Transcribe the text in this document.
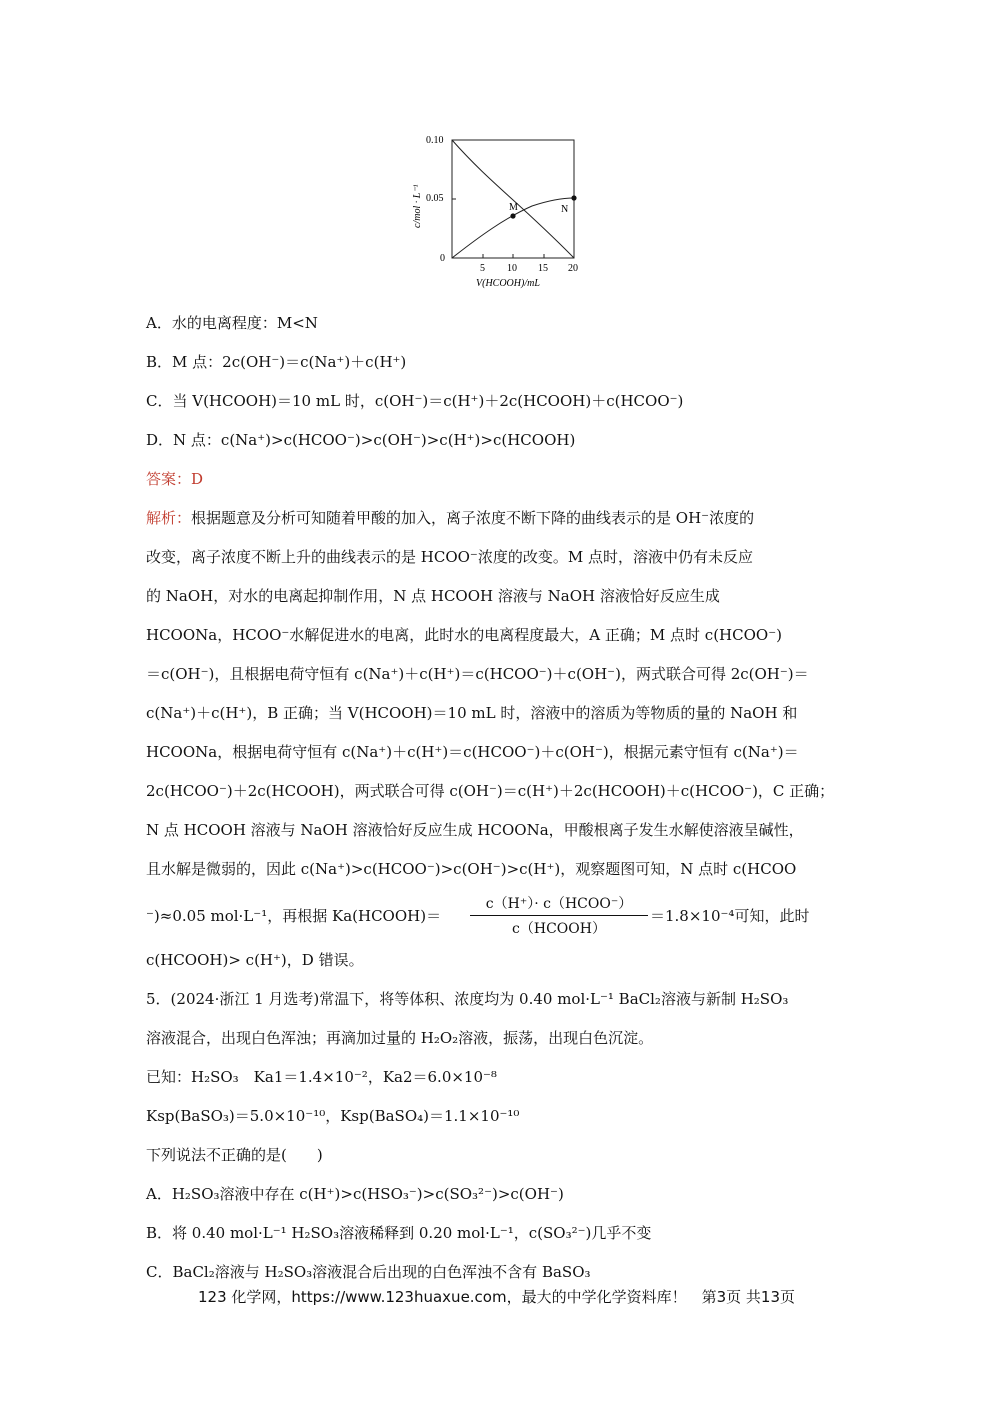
M	N
0.10
0.05
0
5 10 15 20
V(HCOOH)/mL
c/mol · L⁻¹
A．水的电离程度：M<N
B．M 点：2c(OH⁻)＝c(Na⁺)＋c(H⁺)
C．当 V(HCOOH)＝10 mL 时，c(OH⁻)＝c(H⁺)＋2c(HCOOH)＋c(HCOO⁻)
D．N 点：c(Na⁺)>c(HCOO⁻)>c(OH⁻)>c(H⁺)>c(HCOOH)
答案：D
解析：根据题意及分析可知随着甲酸的加入，离子浓度不断下降的曲线表示的是 OH⁻浓度的
改变，离子浓度不断上升的曲线表示的是 HCOO⁻浓度的改变。M 点时，溶液中仍有未反应
的 NaOH，对水的电离起抑制作用，N 点 HCOOH 溶液与 NaOH 溶液恰好反应生成
HCOONa，HCOO⁻水解促进水的电离，此时水的电离程度最大，A 正确；M 点时 c(HCOO⁻)
＝c(OH⁻)，且根据电荷守恒有 c(Na⁺)＋c(H⁺)＝c(HCOO⁻)＋c(OH⁻)，两式联合可得 2c(OH⁻)＝
c(Na⁺)＋c(H⁺)，B 正确；当 V(HCOOH)＝10 mL 时，溶液中的溶质为等物质的量的 NaOH 和
HCOONa，根据电荷守恒有 c(Na⁺)＋c(H⁺)＝c(HCOO⁻)＋c(OH⁻)，根据元素守恒有 c(Na⁺)＝
2c(HCOO⁻)＋2c(HCOOH)，两式联合可得 c(OH⁻)＝c(H⁺)＋2c(HCOOH)＋c(HCOO⁻)，C 正确；
N 点 HCOOH 溶液与 NaOH 溶液恰好反应生成 HCOONa，甲酸根离子发生水解使溶液呈碱性，
且水解是微弱的，因此 c(Na⁺)>c(HCOO⁻)>c(OH⁻)>c(H⁺)，观察题图可知，N 点时 c(HCOO
⁻)≈0.05 mol·L⁻¹，再根据 Ka(HCOOH)＝
c（H⁺）· c（HCOO⁻）
c（HCOOH）
＝1.8×10⁻⁴可知，此时
c(HCOOH)> c(H⁺)，D 错误。
5．(2024·浙江 1 月选考)常温下，将等体积、浓度均为 0.40 mol·L⁻¹ BaCl₂溶液与新制 H₂SO₃
溶液混合，出现白色浑浊；再滴加过量的 H₂O₂溶液，振荡，出现白色沉淀。
已知：H₂SO₃　Ka1＝1.4×10⁻²，Ka2＝6.0×10⁻⁸
Ksp(BaSO₃)＝5.0×10⁻¹⁰，Ksp(BaSO₄)＝1.1×10⁻¹⁰
下列说法不正确的是(　　)
A．H₂SO₃溶液中存在 c(H⁺)>c(HSO₃⁻)>c(SO₃²⁻)>c(OH⁻)
B．将 0.40 mol·L⁻¹ H₂SO₃溶液稀释到 0.20 mol·L⁻¹，c(SO₃²⁻)几乎不变
C．BaCl₂溶液与 H₂SO₃溶液混合后出现的白色浑浊不含有 BaSO₃
123 化学网，https://www.123huaxue.com，最大的中学化学资料库！　第3页 共13页
